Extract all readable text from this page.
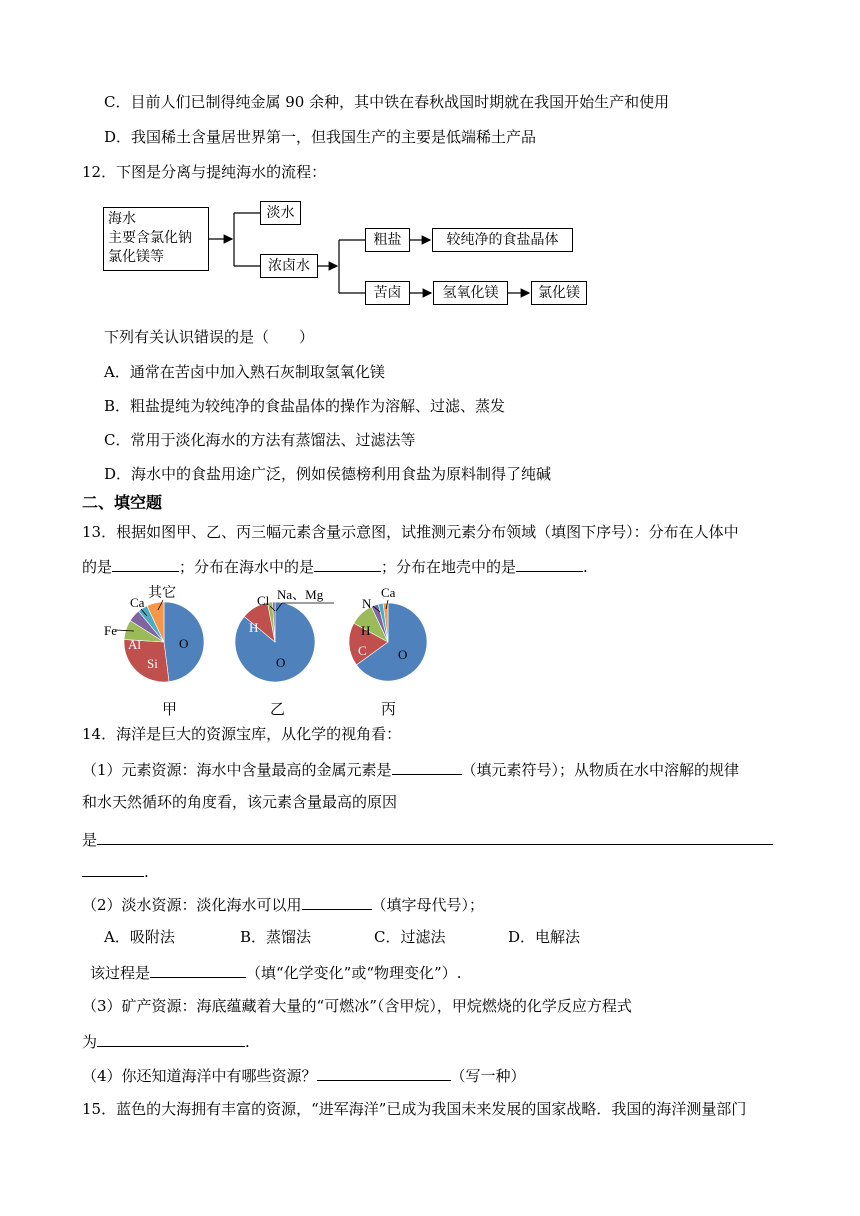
C．目前人们已制得纯金属 90 余种，其中铁在春秋战国时期就在我国开始生产和使用
D．我国稀土含量居世界第一，但我国生产的主要是低端稀土产品
12．下图是分离与提纯海水的流程：
海水
主要含氯化钠
氯化镁等
淡水
浓卤水
粗盐	较纯净的食盐晶体
苦卤	氢氧化镁	氯化镁
下列有关认识错误的是（　　）
A．通常在苦卤中加入熟石灰制取氢氧化镁
B．粗盐提纯为较纯净的食盐晶体的操作为溶解、过滤、蒸发
C．常用于淡化海水的方法有蒸馏法、过滤法等
D．海水中的食盐用途广泛，例如侯德榜利用食盐为原料制得了纯碱
二、填空题
13．根据如图甲、乙、丙三幅元素含量示意图，试推测元素分布领域（填图下序号）：分布在人体中
的是	；分布在海水中的是	；分布在地壳中的是	.
Ca
其它
Fe
Al
Si
O
Cl Na、Mg
H
O
N
Ca
H
C O
甲	乙	丙
14．海洋是巨大的资源宝库，从化学的视角看：
（1）元素资源：海水中含量最高的金属元素是	（填元素符号）；从物质在水中溶解的规律
和水天然循环的角度看，该元素含量最高的原因
是
.
（2）淡水资源：淡化海水可以用	（填字母代号）；
A．吸附法	B．蒸馏法	C．过滤法	D．电解法
该过程是	（填“化学变化”或“物理变化”）.
（3）矿产资源：海底蕴藏着大量的“可燃冰”（含甲烷），甲烷燃烧的化学反应方程式
为	.
（4）你还知道海洋中有哪些资源？	（写一种）
15．蓝色的大海拥有丰富的资源，“进军海洋”已成为我国未来发展的国家战略．我国的海洋测量部门
